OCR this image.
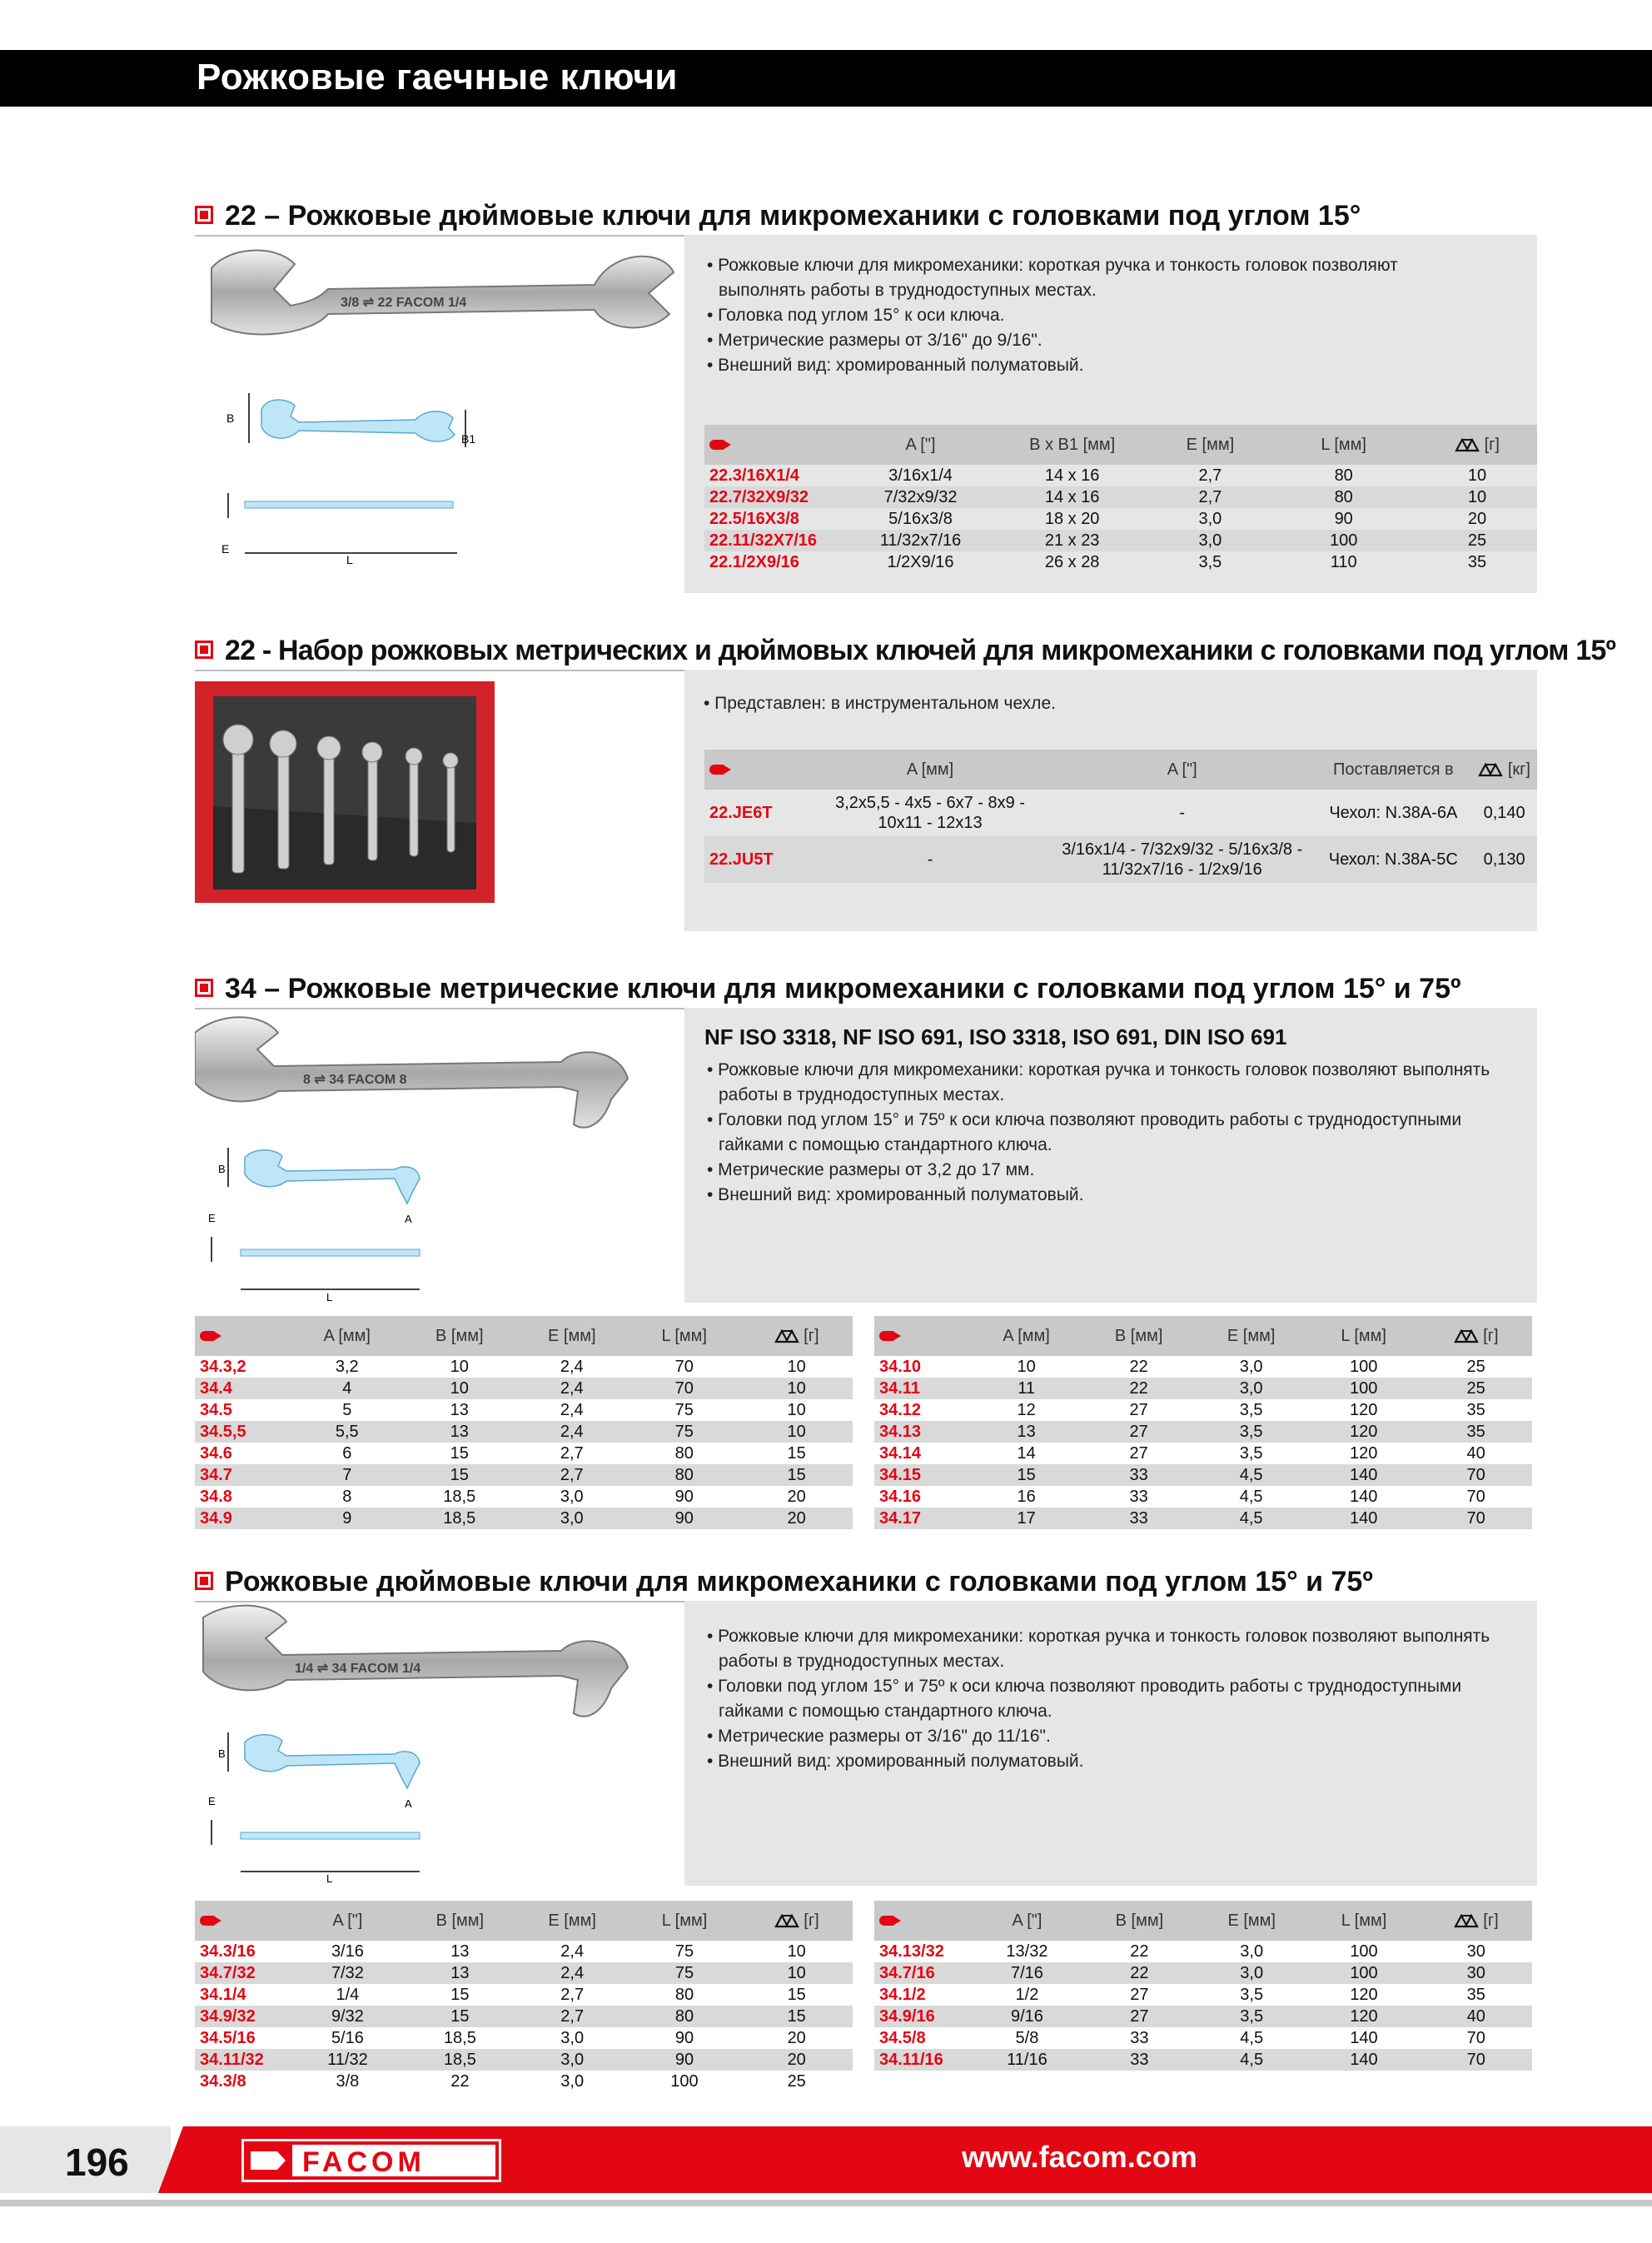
Рожковые гаечные ключи
22 – Рожковые дюймовые ключи для микромеханики с головками под углом 15°
• Рожковые ключи для микромеханики: короткая ручка и тонкость головок позволяют выполнять работы в труднодоступных местах.
• Головка под углом 15° к оси ключа.
• Метрические размеры от 3/16" до 9/16".
• Внешний вид: хромированный полуматовый.
3/8 ⇌ 22 FACOM 1/4
B
B1
E
L
	A ["]	B x B1 [мм]	E [мм]	L [мм]	[г]
22.3/16X1/4	3/16x1/4	14 x 16	2,7	80	10
22.7/32X9/32	7/32x9/32	14 x 16	2,7	80	10
22.5/16X3/8	5/16x3/8	18 x 20	3,0	90	20
22.11/32X7/16	11/32x7/16	21 x 23	3,0	100	25
22.1/2X9/16	1/2X9/16	26 x 28	3,5	110	35
22 - Набор рожковых метрических и дюймовых ключей для микромеханики с головками под углом 15º
• Представлен: в инструментальном чехле.
	A [мм]	A ["]	Поставляется в	[кг]
22.JE6T	3,2x5,5 - 4x5 - 6x7 - 8x9 - 10x11 - 12x13	-	Чехол: N.38A-6A	0,140
22.JU5T	-	3/16x1/4 - 7/32x9/32 - 5/16x3/8 - 11/32x7/16 - 1/2x9/16	Чехол: N.38A-5C	0,130
34 – Рожковые метрические ключи для микромеханики с головками под углом 15° и 75º
NF ISO 3318, NF ISO 691, ISO 3318, ISO 691, DIN ISO 691
• Рожковые ключи для микромеханики: короткая ручка и тонкость головок позволяют выполнять работы в труднодоступных местах.
• Головки под углом 15° и 75º к оси ключа позволяют проводить работы с труднодоступными гайками с помощью стандартного ключа.
• Метрические размеры от 3,2 до 17 мм.
• Внешний вид: хромированный полуматовый.
8 ⇌ 34 FACOM 8
B
A
E
L
	A [мм]	B [мм]	E [мм]	L [мм]	[г]
34.3,2	3,2	10	2,4	70	10
34.4	4	10	2,4	70	10
34.5	5	13	2,4	75	10
34.5,5	5,5	13	2,4	75	10
34.6	6	15	2,7	80	15
34.7	7	15	2,7	80	15
34.8	8	18,5	3,0	90	20
34.9	9	18,5	3,0	90	20
	A [мм]	B [мм]	E [мм]	L [мм]	[г]
34.10	10	22	3,0	100	25
34.11	11	22	3,0	100	25
34.12	12	27	3,5	120	35
34.13	13	27	3,5	120	35
34.14	14	27	3,5	120	40
34.15	15	33	4,5	140	70
34.16	16	33	4,5	140	70
34.17	17	33	4,5	140	70
Рожковые дюймовые ключи для микромеханики с головками под углом 15° и 75º
• Рожковые ключи для микромеханики: короткая ручка и тонкость головок позволяют выполнять работы в труднодоступных местах.
• Головки под углом 15° и 75º к оси ключа позволяют проводить работы с труднодоступными гайками с помощью стандартного ключа.
• Метрические размеры от 3/16" до 11/16".
• Внешний вид: хромированный полуматовый.
1/4 ⇌ 34 FACOM 1/4
B
A
E
L
	A ["]	B [мм]	E [мм]	L [мм]	[г]
34.3/16	3/16	13	2,4	75	10
34.7/32	7/32	13	2,4	75	10
34.1/4	1/4	15	2,7	80	15
34.9/32	9/32	15	2,7	80	15
34.5/16	5/16	18,5	3,0	90	20
34.11/32	11/32	18,5	3,0	90	20
34.3/8	3/8	22	3,0	100	25
	A ["]	B [мм]	E [мм]	L [мм]	[г]
34.13/32	13/32	22	3,0	100	30
34.7/16	7/16	22	3,0	100	30
34.1/2	1/2	27	3,5	120	35
34.9/16	9/16	27	3,5	120	40
34.5/8	5/8	33	4,5	140	70
34.11/16	11/16	33	4,5	140	70
196	FACOM	www.facom.com
